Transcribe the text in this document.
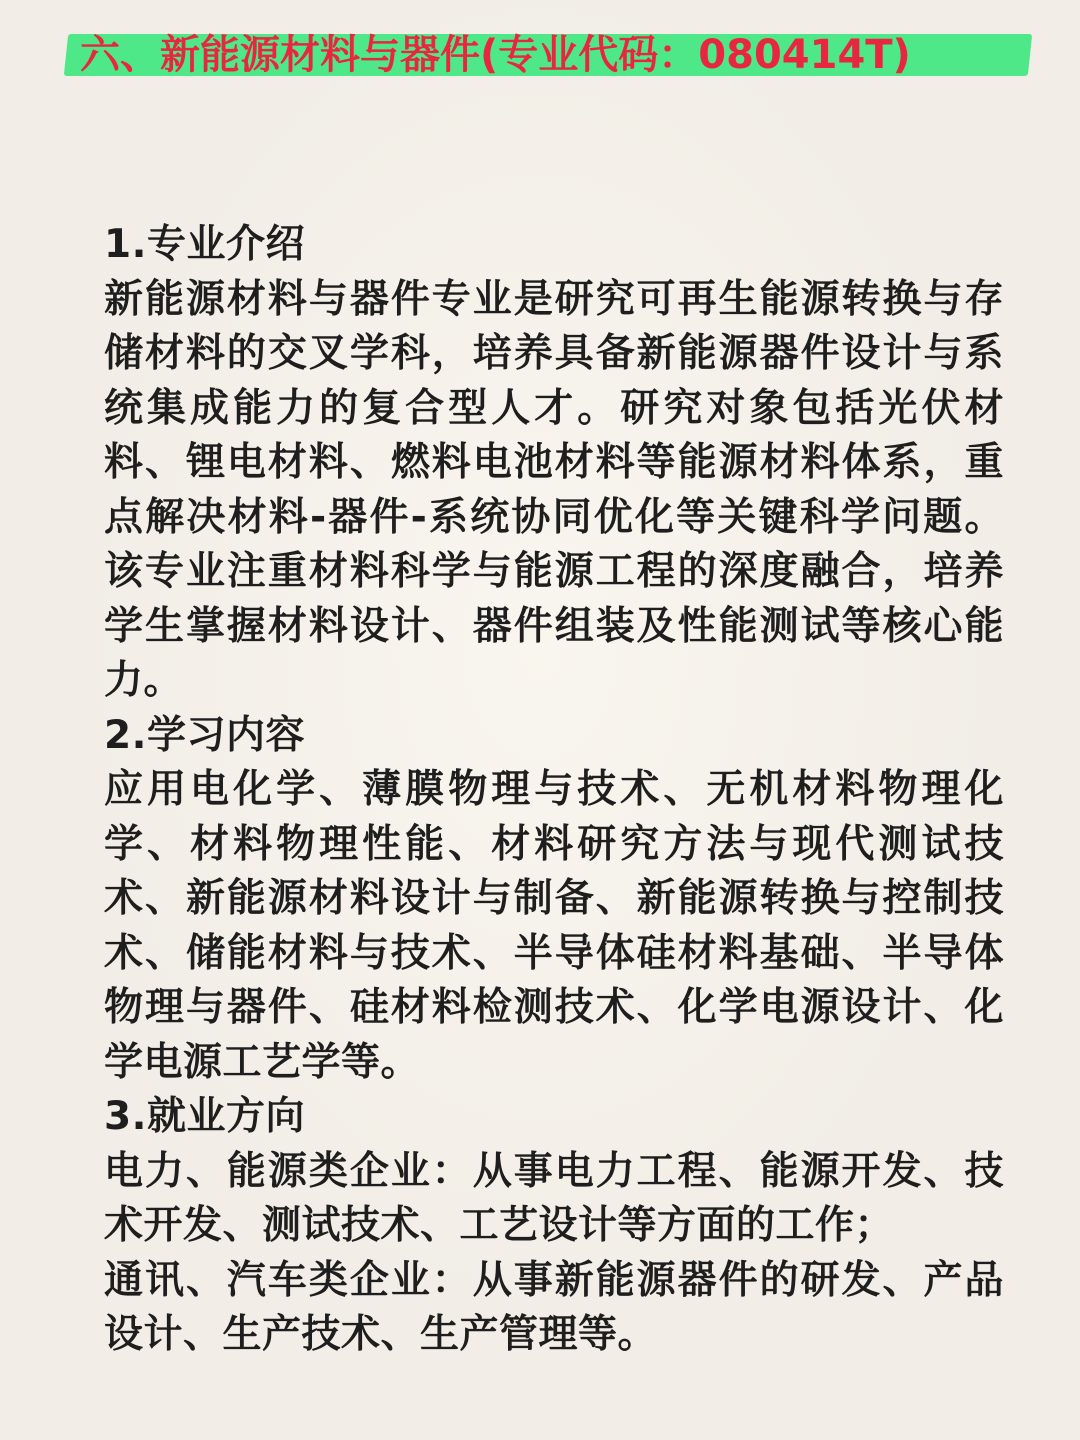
六、新能源材料与器件(专业代码：080414T)
1.专业介绍

新能源材料与器件专业是研究可再生能源转换与存储材料的交叉学科，培养具备新能源器件设计与系统集成能力的复合型人才。研究对象包括光伏材料、锂电材料、燃料电池材料等能源材料体系，重点解决材料-器件-系统协同优化等关键科学问题。该专业注重材料科学与能源工程的深度融合，培养学生掌握材料设计、器件组装及性能测试等核心能力。

2.学习内容

应用电化学、薄膜物理与技术、无机材料物理化学、材料物理性能、材料研究方法与现代测试技术、新能源材料设计与制备、新能源转换与控制技术、储能材料与技术、半导体硅材料基础、半导体物理与器件、硅材料检测技术、化学电源设计、化学电源工艺学等。

3.就业方向

电力、能源类企业：从事电力工程、能源开发、技术开发、测试技术、工艺设计等方面的工作；

通讯、汽车类企业：从事新能源器件的研发、产品设计、生产技术、生产管理等。
